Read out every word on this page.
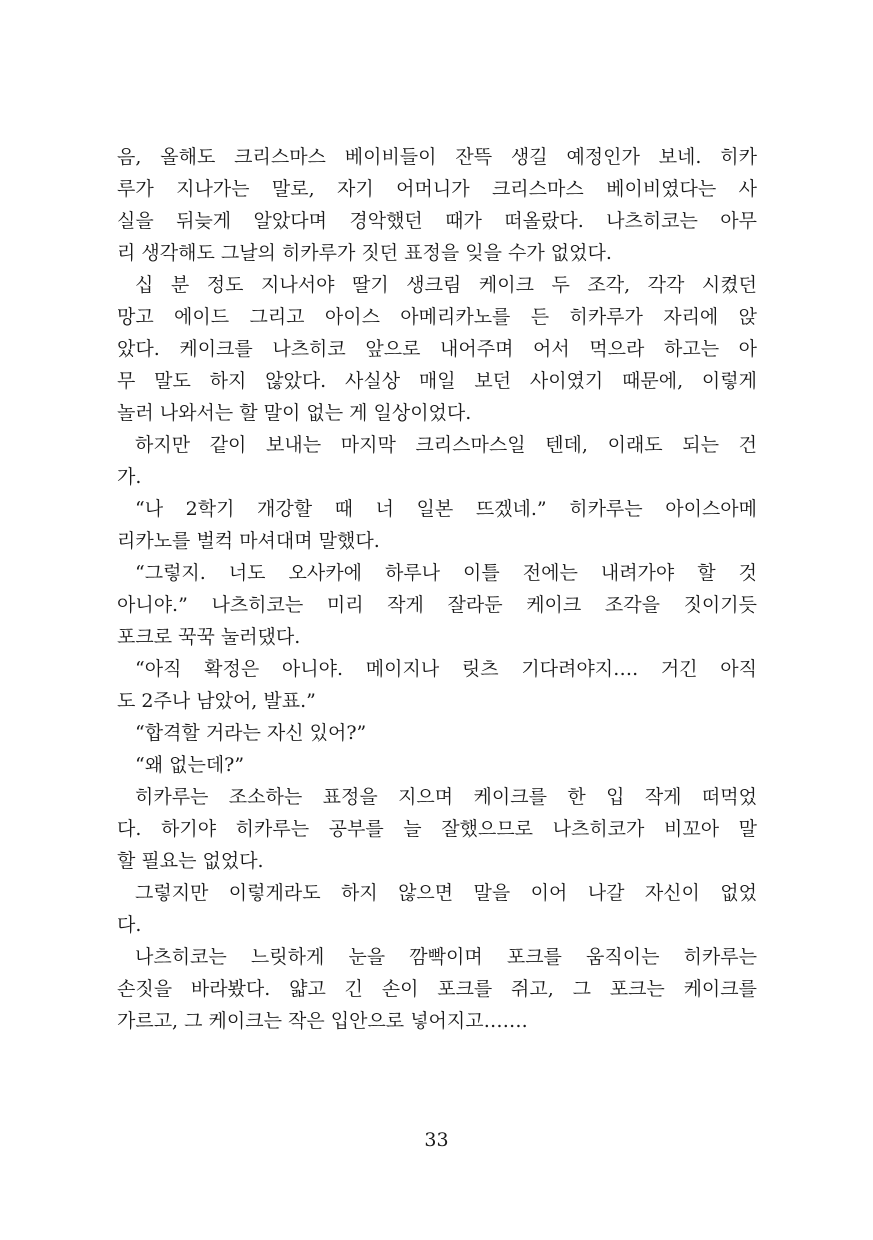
음, 올해도 크리스마스 베이비들이 잔뜩 생길 예정인가 보네. 히카
루가 지나가는 말로, 자기 어머니가 크리스마스 베이비였다는 사
실을 뒤늦게 알았다며 경악했던 때가 떠올랐다. 나츠히코는 아무
리 생각해도 그날의 히카루가 짓던 표정을 잊을 수가 없었다.
십 분 정도 지나서야 딸기 생크림 케이크 두 조각, 각각 시켰던
망고 에이드 그리고 아이스 아메리카노를 든 히카루가 자리에 앉
았다. 케이크를 나츠히코 앞으로 내어주며 어서 먹으라 하고는 아
무 말도 하지 않았다. 사실상 매일 보던 사이였기 때문에, 이렇게
놀러 나와서는 할 말이 없는 게 일상이었다.
하지만 같이 보내는 마지막 크리스마스일 텐데, 이래도 되는 건
가.
“나 2학기 개강할 때 너 일본 뜨겠네.” 히카루는 아이스아메
리카노를 벌컥 마셔대며 말했다.
“그렇지. 너도 오사카에 하루나 이틀 전에는 내려가야 할 것
아니야.” 나츠히코는 미리 작게 잘라둔 케이크 조각을 짓이기듯
포크로 꾹꾹 눌러댔다.
“아직 확정은 아니야. 메이지나 릿츠 기다려야지…. 거긴 아직
도 2주나 남았어, 발표.”
“합격할 거라는 자신 있어?”
“왜 없는데?”
히카루는 조소하는 표정을 지으며 케이크를 한 입 작게 떠먹었
다. 하기야 히카루는 공부를 늘 잘했으므로 나츠히코가 비꼬아 말
할 필요는 없었다.
그렇지만 이렇게라도 하지 않으면 말을 이어 나갈 자신이 없었
다.
나츠히코는 느릿하게 눈을 깜빡이며 포크를 움직이는 히카루는
손짓을 바라봤다. 얇고 긴 손이 포크를 쥐고, 그 포크는 케이크를
가르고, 그 케이크는 작은 입안으로 넣어지고…….
33
